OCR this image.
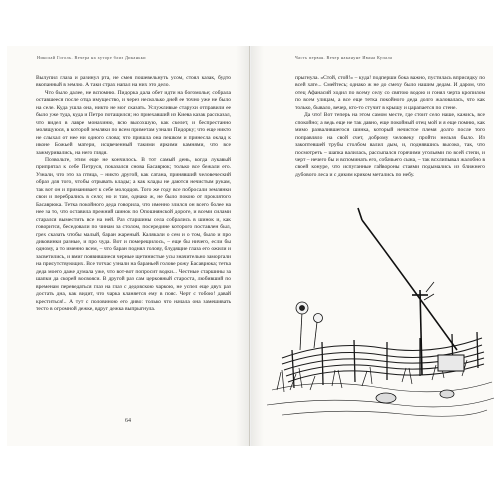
Николай Гоголь. Вечера на хуторе близ Диканьки

Вылупил глаза и разинул рта, не смея пошевельнуть усом, стоял казак, будто вкопанный в землю. А таки страх напал на них это дело.

Что было далее, не вспомню. Пидорка дала обет идти на богомолье; собрала оставшееся после отца имущество, и через несколько дней ее точно уже не было на селе. Куда ушла она, никто не мог сказать. Услужливые старухи отправили ее было уже туда, куда и Петро потащился; но приехавший из Киева казак рассказал, что видел в лавре монахиню, всю высохшую, как скелет, и беспрестанно молящуюся, в которой земляки по всем приметам узнали Пидорку; что еще никто не слыхал от нее ни одного слова; что пришла она пешком и принесла оклад к иконе Божьей матери, исцвеченный такими яркими камнями, что все зажмуривались, на него глядя.

Позвольте, этим еще не кончилось. В тот самый день, когда лукавый припрятал к себе Петруся, показался снова Басаврюк; только все бежали его. Узнали, что это за птица, – никто другой, как сатана, принявший человеческий образ для того, чтобы отрывать клады; а как клады не даются нечистым рукам, так вот он и приманивает к себе молодцов. Того же году все побросали землянки свои и перебрались в село; но и там, однако ж, не было покою от проклятого Басаврюка. Тетка покойного деда говорила, что именно злился он всего более на нее за то, что оставила прежний шинок по Опошнянской дороге, и всеми силами старался выместить все на ней. Раз старшины села собрались в шинок и, как говорится, беседовали по чинам за столом, посередине которого поставлен был, грех сказать чтобы малый, баран жареный. Калякали о сем и о том, было и про диковинки разные, и про чуда. Вот и померещилось, – еще бы ничего, если бы одному, а то именно всем, – что баран поднял голову, блудящие глаза его ожили и засветились, и вмиг появившиеся черные щетинистые усы значительно заморгали на присутствующих. Все тотчас узнали на бараньей голове рожу Басаврюка; тетка деда моего даже думала уже, что вот-вот попросит водки... Честные старшины за шапки да скорей восвояси. В другой раз сам церковный староста, любивший по временам переведаться глаз на глаз с дедовскою чаркою, не успел еще двух раз достать дна, как видит, что чарка кланяется ему в пояс. Черт с тобою! давай креститься!.. А тут с половиною его диво: только что начала она замешивать тесто в огромной дежке, вдруг дежка выпрыгнула.

64
Часть первая. Вечер накануне Ивана Купала

прыгнула. «Стой, стой!» – куда! подперши бока важно, пустилась вприсядку по всей хате... Смейтесь; однако ж не до смеху было нашим дедам. И даром, что отец Афанасий ходил по всему селу со святою водою и гонял черта кропилом по всем улицам, а все еще тетка покойного деда долго жаловалась, что как только, бывало, вечер, кто-то стучит в крышу и царапается по стене.

Да что! Вот теперь на этом самом месте, где стоит село наше, кажись, все спокойно; а ведь еще не так давно, еще покойный отец мой и я еще помню, как мимо развалившегося шинка, который нечистое племя долго после того поправляло на свой счет, доброму человеку пройти нельзя было. Из закоптевшей трубы столбом валил дым, и, поднявшись высоко, так, что посмотреть – шапка валилась, рассыпался горячими угольями по всей степи, и черт – нечего бы и вспоминать его, собачьего сына, – так всхлипывал жалобно в своей конуре, что испуганные гайвороны стаями подымались из ближнего дубового леса и с диким криком метались по небу.
